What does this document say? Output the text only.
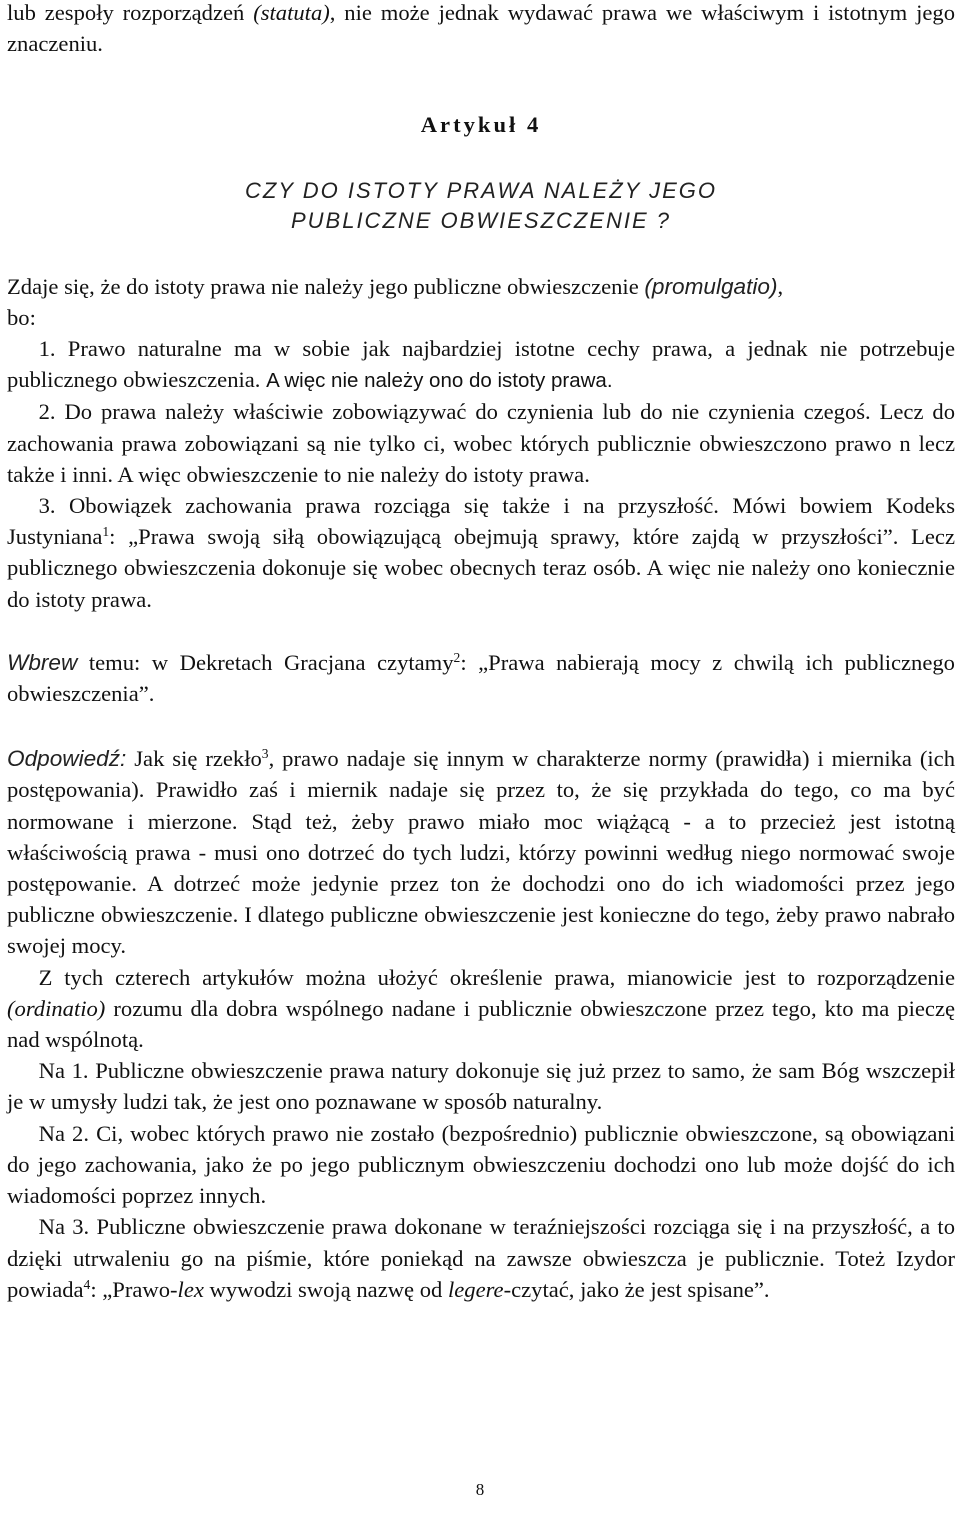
lub zespoły rozporządzeń (statuta), nie może jednak wydawać prawa we właściwym i istotnym jego znaczeniu.

Artykuł 4

CZY DO ISTOTY PRAWA NALEŻY JEGO
PUBLICZNE OBWIESZCZENIE ?

Zdaje się, że do istoty prawa nie należy jego publiczne obwieszczenie (promulgatio),
bo:

1. Prawo naturalne ma w sobie jak najbardziej istotne cechy prawa, a jednak nie potrzebuje publicznego obwieszczenia. A więc nie należy ono do istoty prawa.

2. Do prawa należy właściwie zobowiązywać do czynienia lub do nie czynienia czegoś. Lecz do zachowania prawa zobowiązani są nie tylko ci, wobec których publicznie obwieszczono prawo n lecz także i inni. A więc obwieszczenie to nie należy do istoty prawa.

3. Obowiązek zachowania prawa rozciąga się także i na przyszłość. Mówi bowiem Kodeks Justyniana$^1$: „Prawa swoją siłą obowiązującą obejmują sprawy, które zajdą w przyszłości”. Lecz publicznego obwieszczenia dokonuje się wobec obecnych teraz osób. A więc nie należy ono koniecznie do istoty prawa.

Wbrew temu: w Dekretach Gracjana czytamy$^2$: „Prawa nabierają mocy z chwilą ich publicznego obwieszczenia”.

Odpowiedź: Jak się rzekło$^3$, prawo nadaje się innym w charakterze normy (prawidła) i miernika (ich postępowania). Prawidło zaś i miernik nadaje się przez to, że się przykłada do tego, co ma być normowane i mierzone. Stąd też, żeby prawo miało moc wiążącą - a to przecież jest istotną właściwością prawa - musi ono dotrzeć do tych ludzi, którzy powinni według niego normować swoje postępowanie. A dotrzeć może jedynie przez ton że dochodzi ono do ich wiadomości przez jego publiczne obwieszczenie. I dlatego publiczne obwieszczenie jest konieczne do tego, żeby prawo nabrało swojej mocy.

Z tych czterech artykułów można ułożyć określenie prawa, mianowicie jest to rozporządzenie (ordinatio) rozumu dla dobra wspólnego nadane i publicznie obwieszczone przez tego, kto ma pieczę nad wspólnotą.

Na 1. Publiczne obwieszczenie prawa natury dokonuje się już przez to samo, że sam Bóg wszczepił je w umysły ludzi tak, że jest ono poznawane w sposób naturalny.

Na 2. Ci, wobec których prawo nie zostało (bezpośrednio) publicznie obwieszczone, są obowiązani do jego zachowania, jako że po jego publicznym obwieszczeniu dochodzi ono lub może dojść do ich wiadomości poprzez innych.

Na 3. Publiczne obwieszczenie prawa dokonane w teraźniejszości rozciąga się i na przyszłość, a to dzięki utrwaleniu go na piśmie, które poniekąd na zawsze obwieszcza je publicznie. Toteż Izydor powiada$^4$: „Prawo-lex wywodzi swoją nazwę od legere-czytać, jako że jest spisane”.

8
